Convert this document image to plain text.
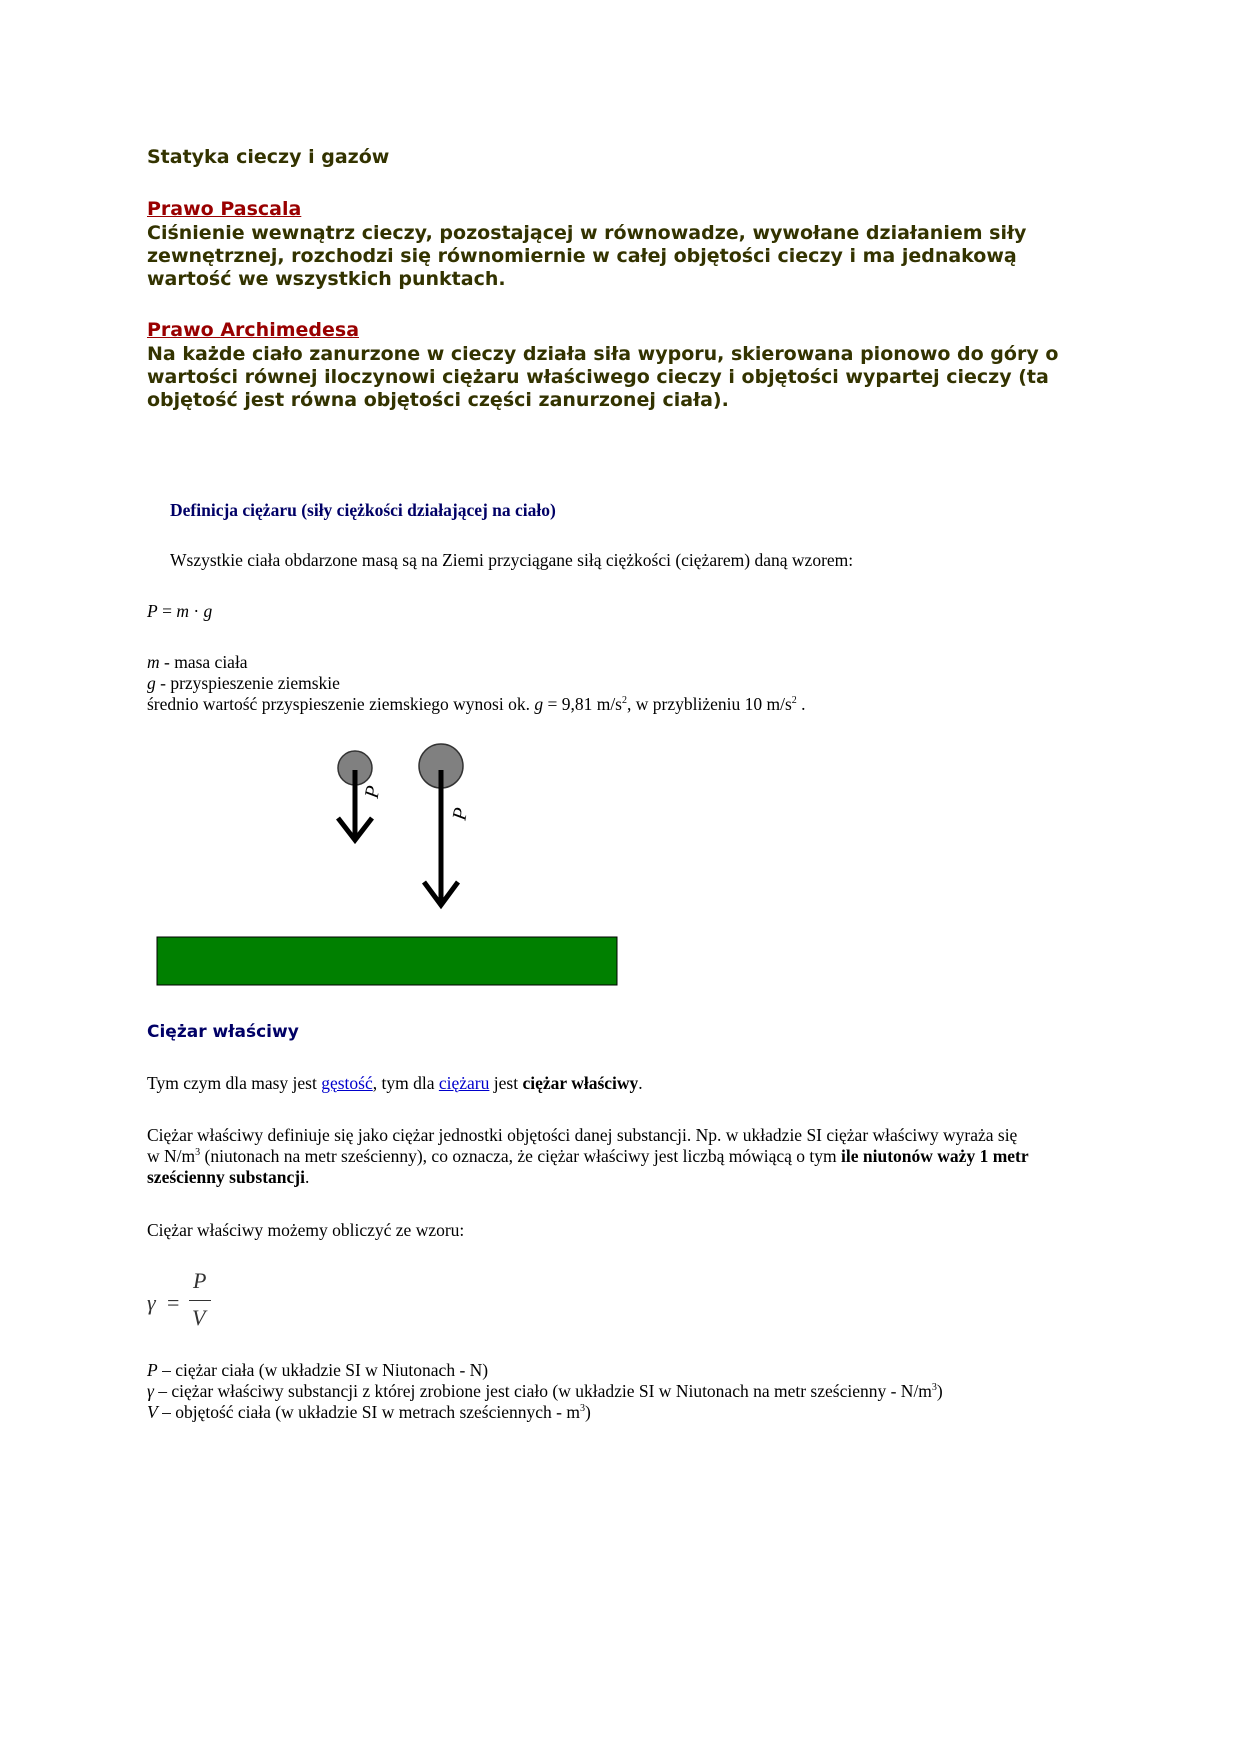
Statyka cieczy i gazów
Prawo Pascala
Ciśnienie wewnątrz cieczy, pozostającej w równowadze, wywołane działaniem siły
zewnętrznej, rozchodzi się równomiernie w całej objętości cieczy i ma jednakową
wartość we wszystkich punktach.
Prawo Archimedesa
Na każde ciało zanurzone w cieczy działa siła wyporu, skierowana pionowo do góry o
wartości równej iloczynowi ciężaru właściwego cieczy i objętości wypartej cieczy (ta
objętość jest równa objętości części zanurzonej ciała).
Definicja ciężaru (siły ciężkości działającej na ciało)
Wszystkie ciała obdarzone masą są na Ziemi przyciągane siłą ciężkości (ciężarem) daną wzorem:
P = m · g
m - masa ciała
g - przyspieszenie ziemskie
średnio wartość przyspieszenie ziemskiego wynosi ok. g = 9,81 $m/s^2$, w przybliżeniu 10 $m/s^2$ .
P
P
Ciężar właściwy
Tym czym dla masy jest gęstość, tym dla ciężaru jest ciężar właściwy.
Ciężar właściwy definiuje się jako ciężar jednostki objętości danej substancji. Np. w układzie SI ciężar właściwy wyraża się
w $N/m^3$ (niutonach na metr sześcienny), co oznacza, że ciężar właściwy jest liczbą mówiącą o tym ile niutonów waży 1 metr
sześcienny substancji.
Ciężar właściwy możemy obliczyć ze wzoru:
γ =
P
V
P – ciężar ciała (w układzie SI w Niutonach - N)
γ – ciężar właściwy substancji z której zrobione jest ciało (w układzie SI w Niutonach na metr sześcienny - $N/m^3$)
V – objętość ciała (w układzie SI w metrach sześciennych - $m^3$)
